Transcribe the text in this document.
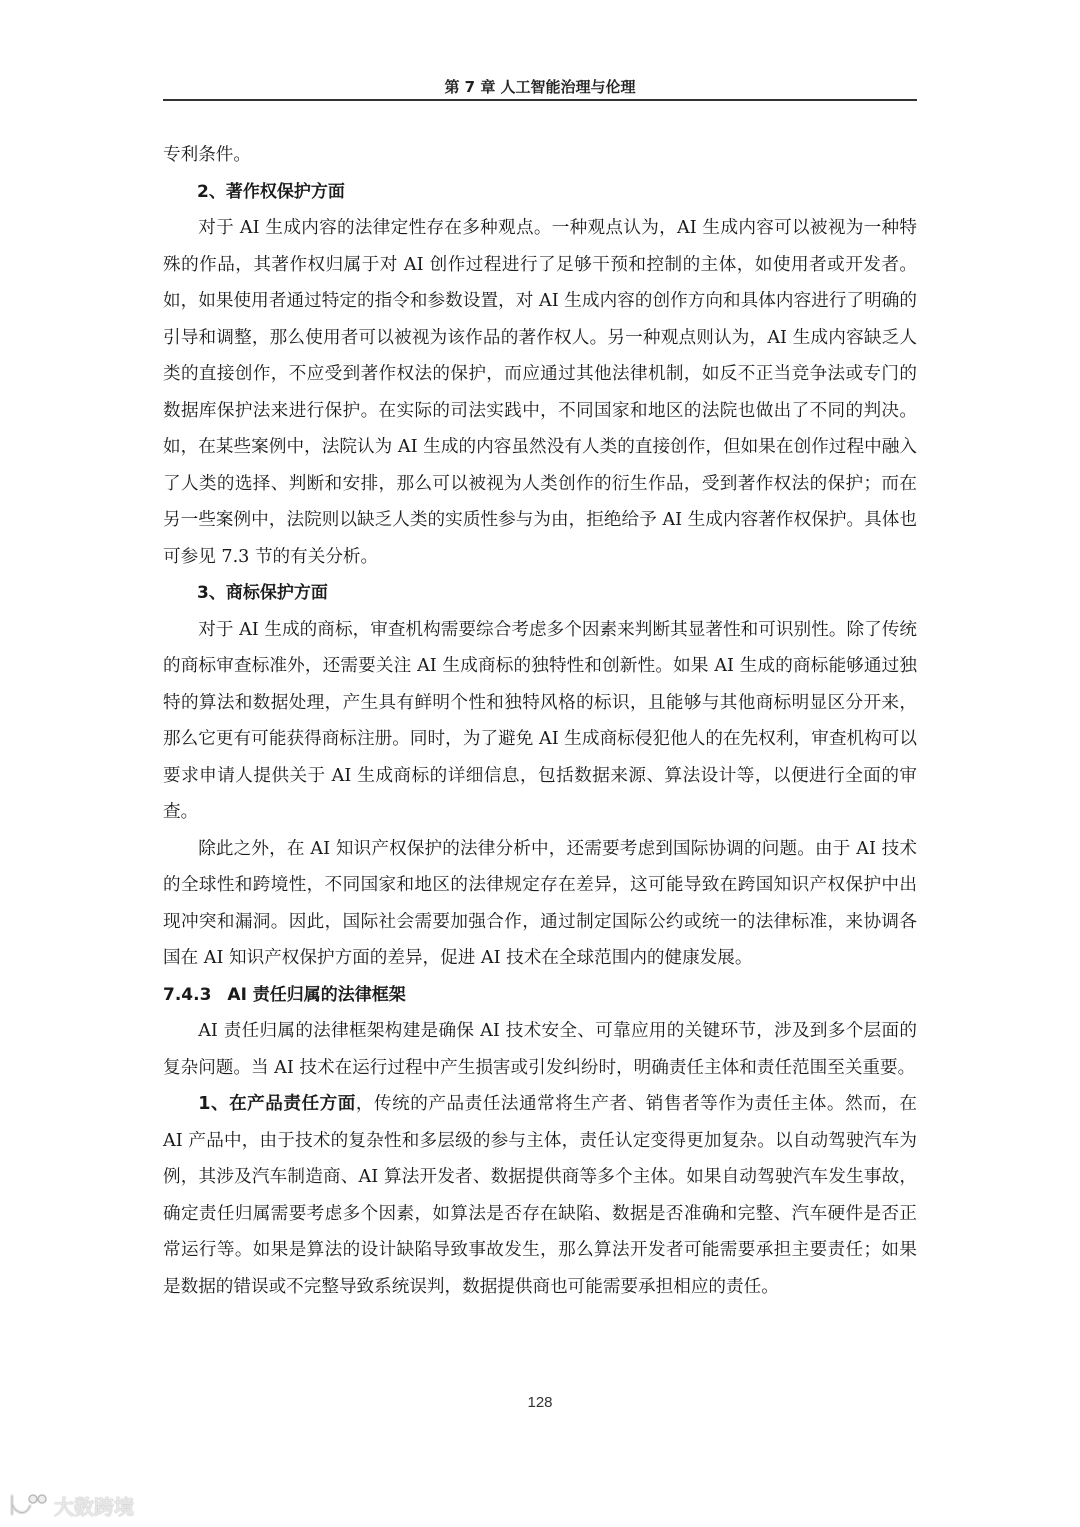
第 7 章 人工智能治理与伦理

专利条件。

2、著作权保护方面

对于 AI 生成内容的法律定性存在多种观点。一种观点认为，AI 生成内容可以被视为一种特殊的作品，其著作权归属于对 AI 创作过程进行了足够干预和控制的主体，如使用者或开发者。如，如果使用者通过特定的指令和参数设置，对 AI 生成内容的创作方向和具体内容进行了明确的引导和调整，那么使用者可以被视为该作品的著作权人。另一种观点则认为，AI 生成内容缺乏人类的直接创作，不应受到著作权法的保护，而应通过其他法律机制，如反不正当竞争法或专门的数据库保护法来进行保护。在实际的司法实践中，不同国家和地区的法院也做出了不同的判决。如，在某些案例中，法院认为 AI 生成的内容虽然没有人类的直接创作，但如果在创作过程中融入了人类的选择、判断和安排，那么可以被视为人类创作的衍生作品，受到著作权法的保护；而在另一些案例中，法院则以缺乏人类的实质性参与为由，拒绝给予 AI 生成内容著作权保护。具体也可参见 7.3 节的有关分析。

3、商标保护方面

对于 AI 生成的商标，审查机构需要综合考虑多个因素来判断其显著性和可识别性。除了传统的商标审查标准外，还需要关注 AI 生成商标的独特性和创新性。如果 AI 生成的商标能够通过独特的算法和数据处理，产生具有鲜明个性和独特风格的标识，且能够与其他商标明显区分开来，那么它更有可能获得商标注册。同时，为了避免 AI 生成商标侵犯他人的在先权利，审查机构可以要求申请人提供关于 AI 生成商标的详细信息，包括数据来源、算法设计等，以便进行全面的审查。

除此之外，在 AI 知识产权保护的法律分析中，还需要考虑到国际协调的问题。由于 AI 技术的全球性和跨境性，不同国家和地区的法律规定存在差异，这可能导致在跨国知识产权保护中出现冲突和漏洞。因此，国际社会需要加强合作，通过制定国际公约或统一的法律标准，来协调各国在 AI 知识产权保护方面的差异，促进 AI 技术在全球范围内的健康发展。

7.4.3 AI 责任归属的法律框架

AI 责任归属的法律框架构建是确保 AI 技术安全、可靠应用的关键环节，涉及到多个层面的复杂问题。当 AI 技术在运行过程中产生损害或引发纠纷时，明确责任主体和责任范围至关重要。

1、在产品责任方面，传统的产品责任法通常将生产者、销售者等作为责任主体。然而，在 AI 产品中，由于技术的复杂性和多层级的参与主体，责任认定变得更加复杂。以自动驾驶汽车为例，其涉及汽车制造商、AI 算法开发者、数据提供商等多个主体。如果自动驾驶汽车发生事故，确定责任归属需要考虑多个因素，如算法是否存在缺陷、数据是否准确和完整、汽车硬件是否正常运行等。如果是算法的设计缺陷导致事故发生，那么算法开发者可能需要承担主要责任；如果是数据的错误或不完整导致系统误判，数据提供商也可能需要承担相应的责任。

128
大数跨境
